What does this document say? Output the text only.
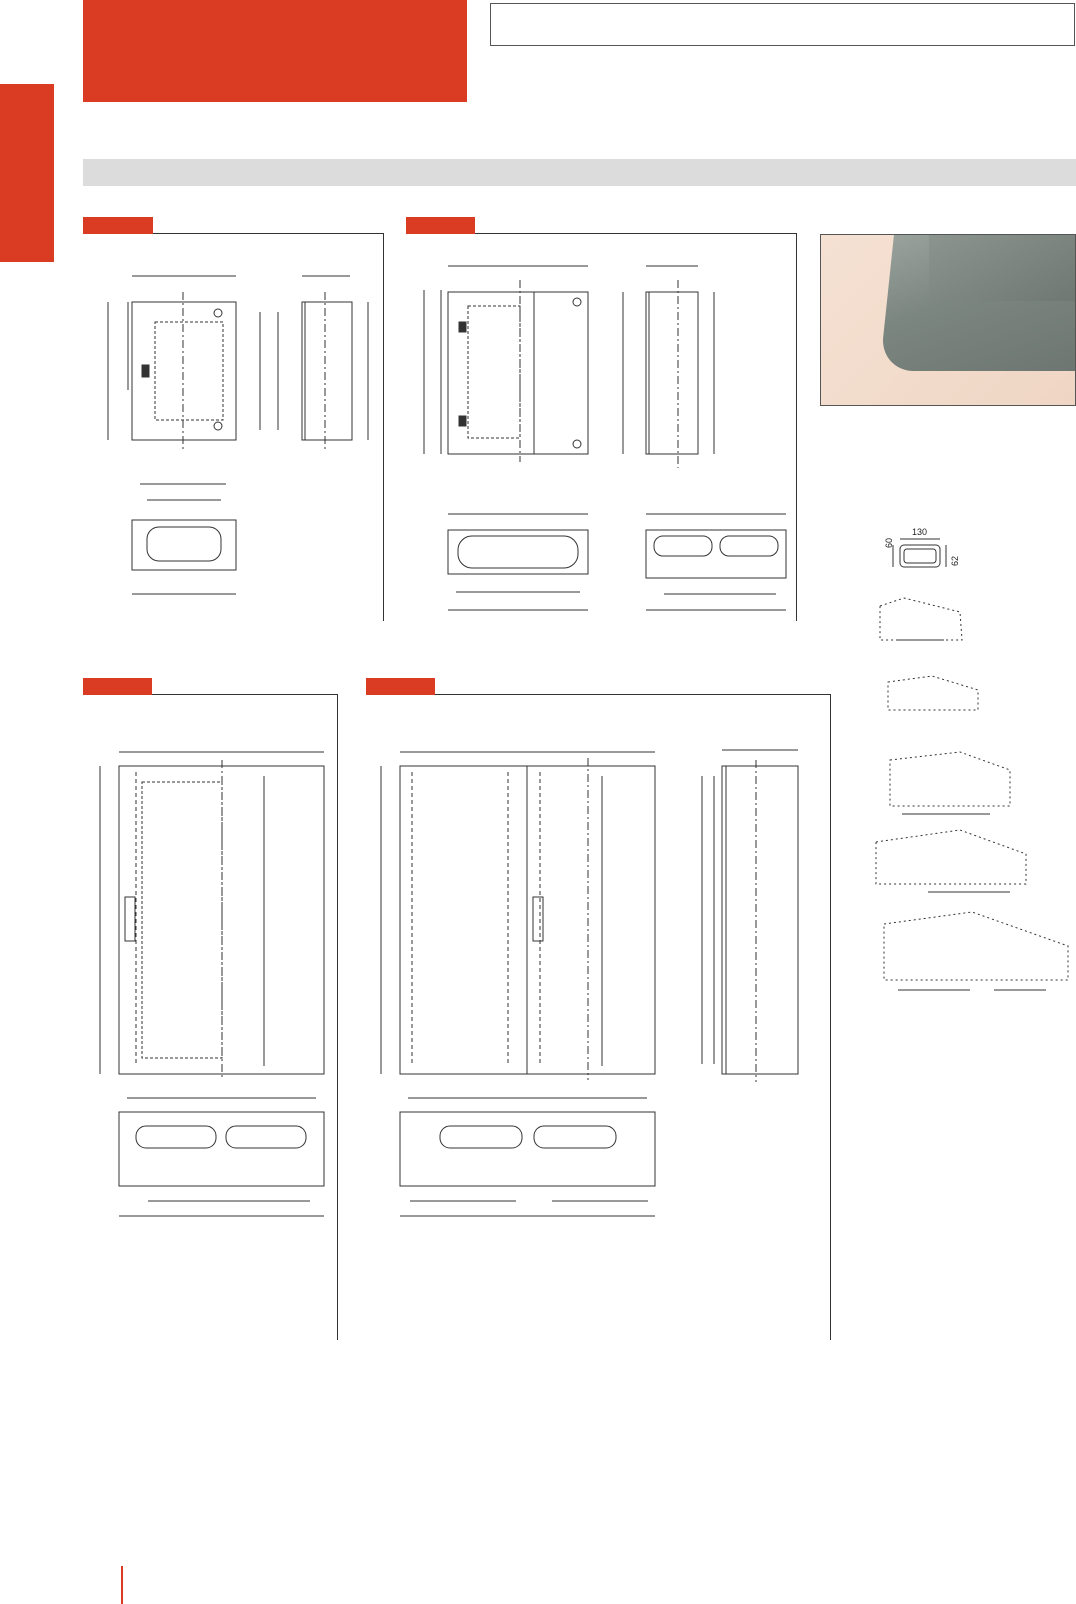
130
60
62
